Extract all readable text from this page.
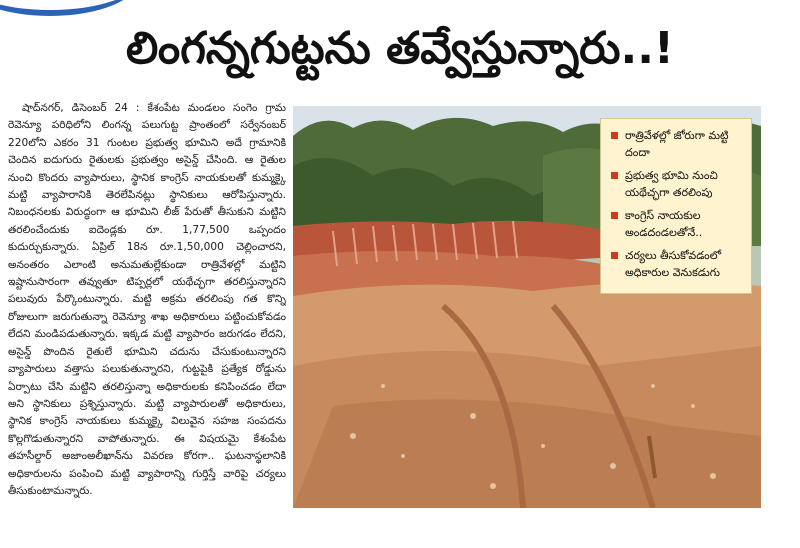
లింగన్నగుట్టను తవ్వేస్తున్నారు..!

షాద్‌నగర్, డిసెంబర్ 24 : కేశంపేట మండలం సంగెం గ్రామ రెవెన్యూ పరిధిలోని లింగన్న పలుగుట్ట ప్రాంతంలో సర్వేనంబర్ 220లోని ఎకరం 31 గుంటల ప్రభుత్వ భూమిని అదే గ్రామానికి చెందిన ఐదుగురు రైతులకు ప్రభుత్వం అసైన్డ్ చేసింది. ఆ రైతుల నుంచి కొందరు వ్యాపారులు, స్థానిక కాంగ్రెస్ నాయకులతో కుమ్మక్కై మట్టి వ్యాపారానికి తెరలేపినట్లు స్థానికులు ఆరోపిస్తున్నారు. నిబంధనలకు విరుద్ధంగా ఆ భూమిని లీజ్ పేరుతో తీసుకుని మట్టిని తరలించేందుకు ఐదెండ్లకు రూ. 1,77,500 ఒప్పందం కుదుర్చుకున్నారు. ఏప్రిల్ 18న రూ.1,50,000 చెల్లించారని, అనంతరం ఎలాంటి అనుమతుల్లేకుండా రాత్రివేళల్లో మట్టిని ఇష్టానుసారంగా తవ్వుతూ టిప్పర్లలో యథేచ్ఛగా తరలిస్తున్నారని పలువురు పేర్కొంటున్నారు. మట్టి అక్రమ తరలింపు గత కొన్ని రోజులుగా జరుగుతున్నా రెవెన్యూ శాఖ అధికారులు పట్టించుకోవడం లేదని మండిపడుతున్నారు. ఇక్కడ మట్టి వ్యాపారం జరుగడం లేదని, అసైన్డ్ పొందిన రైతులే భూమిని చదును చేసుకుంటున్నారని వ్యాపారులు వత్తాసు పలుకుతున్నారని, గుట్టపైకి ప్రత్యేక రోడ్డును ఏర్పాటు చేసి మట్టిని తరలిస్తున్నా అధికారులకు కనిపించడం లేదా అని స్థానికులు ప్రశ్నిస్తున్నారు. మట్టి వ్యాపారులతో అధికారులు, స్థానిక కాంగ్రెస్ నాయకులు కుమ్మక్కై విలువైన సహజ సంపదను కొల్లగొడుతున్నారని వాపోతున్నారు. ఈ విషయమై కేశంపేట తహసీల్దార్ అజాంఅలీఖాన్‌ను వివరణ కోరగా.. ఘటనాస్థలానికి అధికారులను పంపించి మట్టి వ్యాపారాన్ని గుర్తిస్తే వారిపై చర్యలు తీసుకుంటామన్నారు.

రాత్రివేళల్లో జోరుగా మట్టి దందా
ప్రభుత్వ భూమి నుంచి యథేచ్ఛగా తరలింపు
కాంగ్రెస్ నాయకుల అండదండలతోనే..
చర్యలు తీసుకోవడంలో అధికారుల వెనుకడుగు
